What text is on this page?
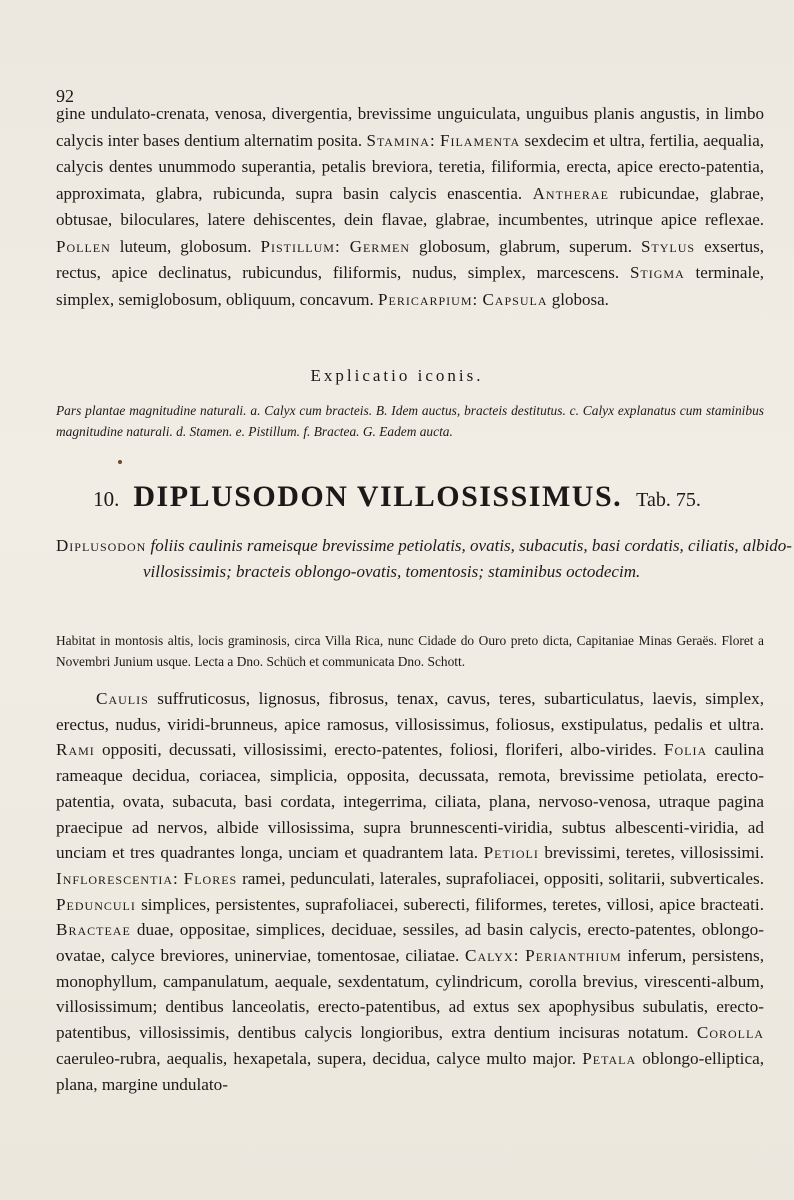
92
gine undulato-crenata, venosa, divergentia, brevissime unguiculata, unguibus planis angustis, in limbo calycis inter bases dentium alternatim posita. Stamina: Filamenta sexdecim et ultra, fertilia, aequalia, calycis dentes unummodo superantia, petalis breviora, teretia, filiformia, erecta, apice erecto-patentia, approximata, glabra, rubicunda, supra basin calycis enascentia. Antherae rubicundae, glabrae, obtusae, biloculares, latere dehiscentes, dein flavae, glabrae, incumbentes, utrinque apice reflexae. Pollen luteum, globosum. Pistillum: Germen globosum, glabrum, superum. Stylus exsertus, rectus, apice declinatus, rubicundus, filiformis, nudus, simplex, marcescens. Stigma terminale, simplex, semiglobosum, obliquum, concavum. Pericarpium: Capsula globosa.
Explicatio iconis.
Pars plantae magnitudine naturali. a. Calyx cum bracteis. B. Idem auctus, bracteis destitutus. c. Calyx explanatus cum staminibus magnitudine naturali. d. Stamen. e. Pistillum. f. Bractea. G. Eadem aucta.
10. DIPLUSODON VILLOSISSIMUS. Tab. 75.
Diplusodon foliis caulinis rameisque brevissime petiolatis, ovatis, subacutis, basi cordatis, ciliatis, albido-villosissimis; bracteis oblongo-ovatis, tomentosis; staminibus octodecim.
Habitat in montosis altis, locis graminosis, circa Villa Rica, nunc Cidade do Ouro preto dicta, Capitaniae Minas Geraës. Floret a Novembri Junium usque. Lecta a Dno. Schüch et communicata Dno. Schott.
Caulis suffruticosus, lignosus, fibrosus, tenax, cavus, teres, subarticulatus, laevis, simplex, erectus, nudus, viridi-brunneus, apice ramosus, villosissimus, foliosus, exstipulatus, pedalis et ultra. Rami oppositi, decussati, villosissimi, erecto-patentes, foliosi, floriferi, albo-virides. Folia caulina rameaque decidua, coriacea, simplicia, opposita, decussata, remota, brevissime petiolata, erecto-patentia, ovata, subacuta, basi cordata, integerrima, ciliata, plana, nervoso-venosa, utraque pagina praecipue ad nervos, albide villosissima, supra brunnescenti-viridia, subtus albescenti-viridia, ad unciam et tres quadrantes longa, unciam et quadrantem lata. Petioli brevissimi, teretes, villosissimi. Inflorescentia: Flores ramei, pedunculati, laterales, suprafoliacei, oppositi, solitarii, subverticales. Pedunculi simplices, persistentes, suprafoliacei, suberecti, filiformes, teretes, villosi, apice bracteati. Bracteae duae, oppositae, simplices, deciduae, sessiles, ad basin calycis, erecto-patentes, oblongo-ovatae, calyce breviores, uninerviae, tomentosae, ciliatae. Calyx: Perianthium inferum, persistens, monophyllum, campanulatum, aequale, sexdentatum, cylindricum, corolla brevius, virescenti-album, villosissimum; dentibus lanceolatis, erecto-patentibus, ad extus sex apophysibus subulatis, erecto-patentibus, villosissimis, dentibus calycis longioribus, extra dentium incisuras notatum. Corolla caeruleo-rubra, aequalis, hexapetala, supera, decidua, calyce multo major. Petala oblongo-elliptica, plana, margine undulato-
